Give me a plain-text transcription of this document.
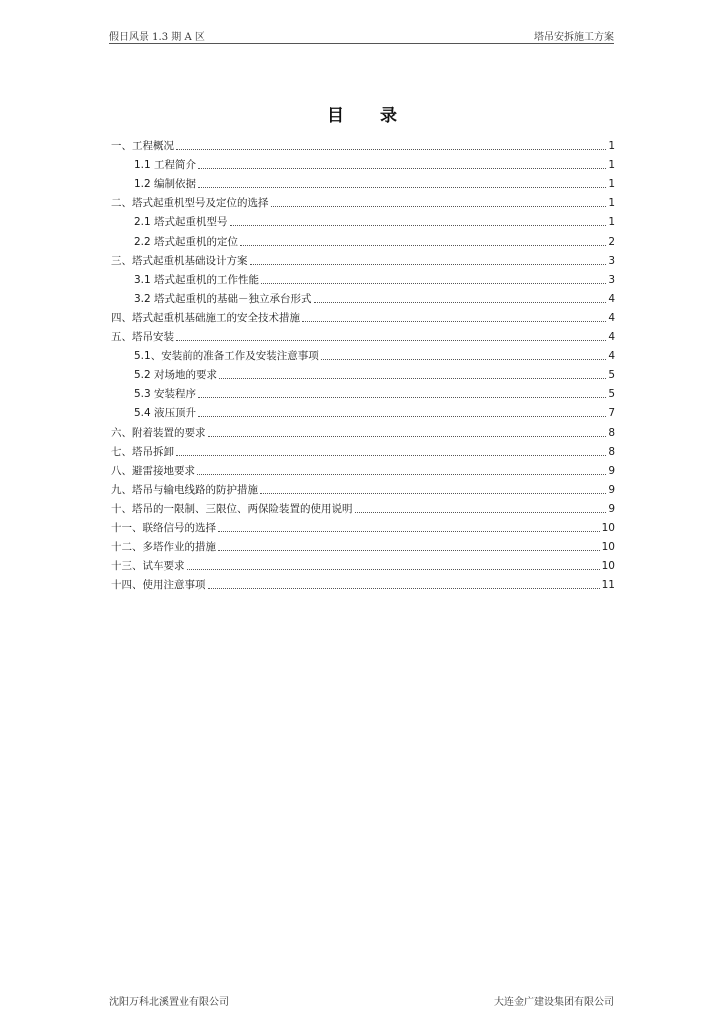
假日风景 1.3 期 A 区	塔吊安拆施工方案
目录
一、工程概况	1
1.1 工程简介	1
1.2 编制依据	1
二、塔式起重机型号及定位的选择	1
2.1 塔式起重机型号	1
2.2 塔式起重机的定位	2
三、塔式起重机基础设计方案	3
3.1 塔式起重机的工作性能	3
3.2 塔式起重机的基础－独立承台形式	4
四、塔式起重机基础施工的安全技术措施	4
五、塔吊安装	4
5.1、安装前的准备工作及安装注意事项	4
5.2 对场地的要求	5
5.3 安装程序	5
5.4 液压顶升	7
六、附着装置的要求	8
七、塔吊拆卸	8
八、避雷接地要求	9
九、塔吊与输电线路的防护措施	9
十、塔吊的一限制、三限位、两保险装置的使用说明	9
十一、联络信号的选择	10
十二、多塔作业的措施	10
十三、试车要求	10
十四、使用注意事项	11
沈阳万科北溪置业有限公司	大连金广建设集团有限公司
